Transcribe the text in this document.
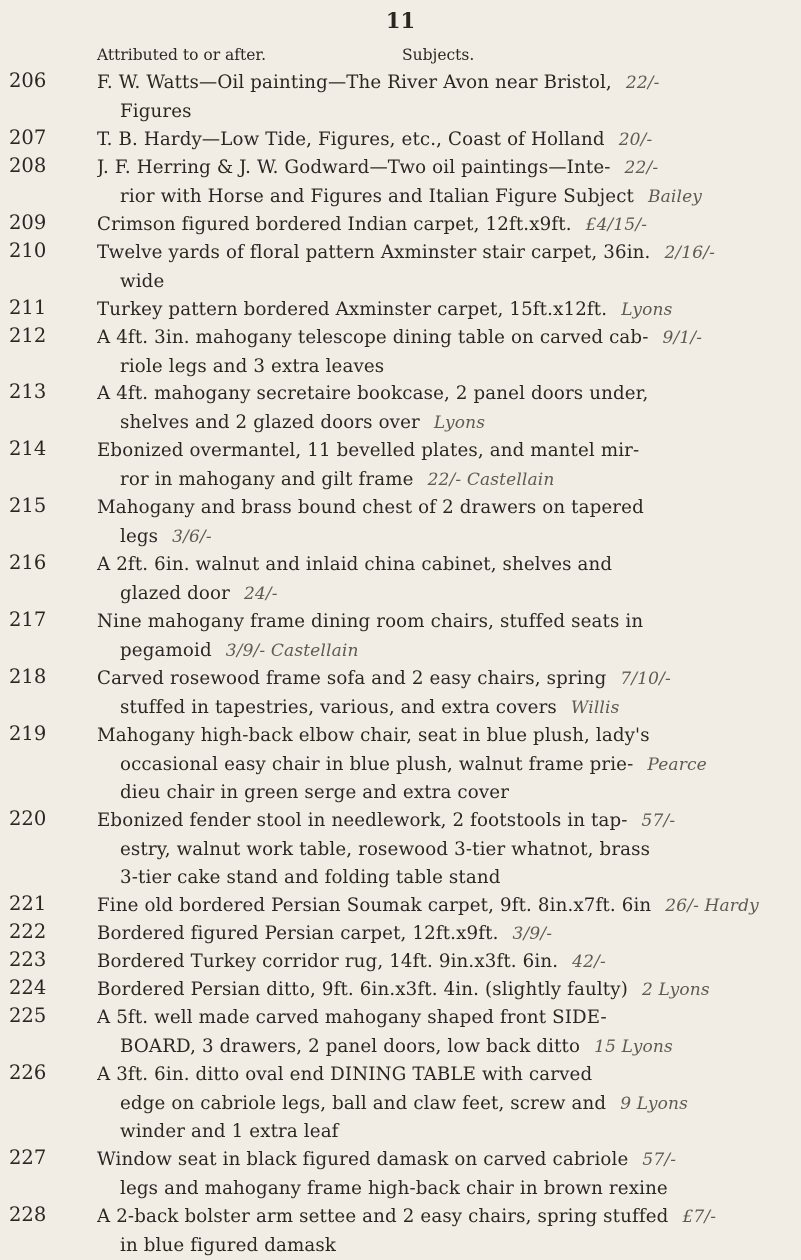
11
Attributed to or after.	Subjects.
206	F. W. Watts—Oil painting—The River Avon near Bristol, 22/-
Figures
207	T. B. Hardy—Low Tide, Figures, etc., Coast of Holland 20/-
208	J. F. Herring & J. W. Godward—Two oil paintings—Inte- 22/-
rior with Horse and Figures and Italian Figure Subject Bailey
209	Crimson figured bordered Indian carpet, 12ft.x9ft. £4/15/-
210	Twelve yards of floral pattern Axminster stair carpet, 36in. 2/16/-
wide
211	Turkey pattern bordered Axminster carpet, 15ft.x12ft. Lyons
212	A 4ft. 3in. mahogany telescope dining table on carved cab- 9/1/-
riole legs and 3 extra leaves
213	A 4ft. mahogany secretaire bookcase, 2 panel doors under,
shelves and 2 glazed doors over Lyons
214	Ebonized overmantel, 11 bevelled plates, and mantel mir-
ror in mahogany and gilt frame 22/- Castellain
215	Mahogany and brass bound chest of 2 drawers on tapered
legs 3/6/-
216	A 2ft. 6in. walnut and inlaid china cabinet, shelves and
glazed door 24/-
217	Nine mahogany frame dining room chairs, stuffed seats in
pegamoid 3/9/- Castellain
218	Carved rosewood frame sofa and 2 easy chairs, spring 7/10/-
stuffed in tapestries, various, and extra covers Willis
219	Mahogany high-back elbow chair, seat in blue plush, lady's
occasional easy chair in blue plush, walnut frame prie- Pearce
dieu chair in green serge and extra cover
220	Ebonized fender stool in needlework, 2 footstools in tap- 57/-
estry, walnut work table, rosewood 3-tier whatnot, brass
3-tier cake stand and folding table stand
221	Fine old bordered Persian Soumak carpet, 9ft. 8in.x7ft. 6in 26/- Hardy
222	Bordered figured Persian carpet, 12ft.x9ft. 3/9/-
223	Bordered Turkey corridor rug, 14ft. 9in.x3ft. 6in. 42/-
224	Bordered Persian ditto, 9ft. 6in.x3ft. 4in. (slightly faulty) 2 Lyons
225	A 5ft. well made carved mahogany shaped front SIDE-
BOARD, 3 drawers, 2 panel doors, low back ditto 15 Lyons
226	A 3ft. 6in. ditto oval end DINING TABLE with carved
edge on cabriole legs, ball and claw feet, screw and 9 Lyons
winder and 1 extra leaf
227	Window seat in black figured damask on carved cabriole 57/-
legs and mahogany frame high-back chair in brown rexine
228	A 2-back bolster arm settee and 2 easy chairs, spring stuffed £7/-
in blue figured damask
